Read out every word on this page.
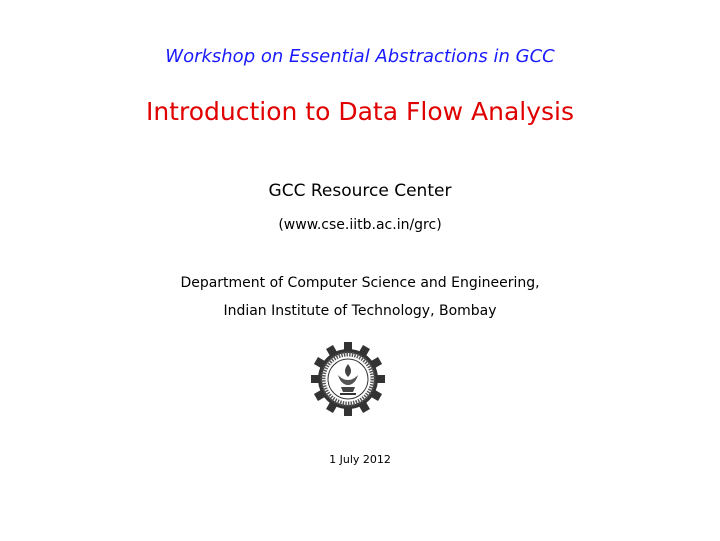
Workshop on Essential Abstractions in GCC
Introduction to Data Flow Analysis
GCC Resource Center
(www.cse.iitb.ac.in/grc)
Department of Computer Science and Engineering,
Indian Institute of Technology, Bombay
1 July 2012
